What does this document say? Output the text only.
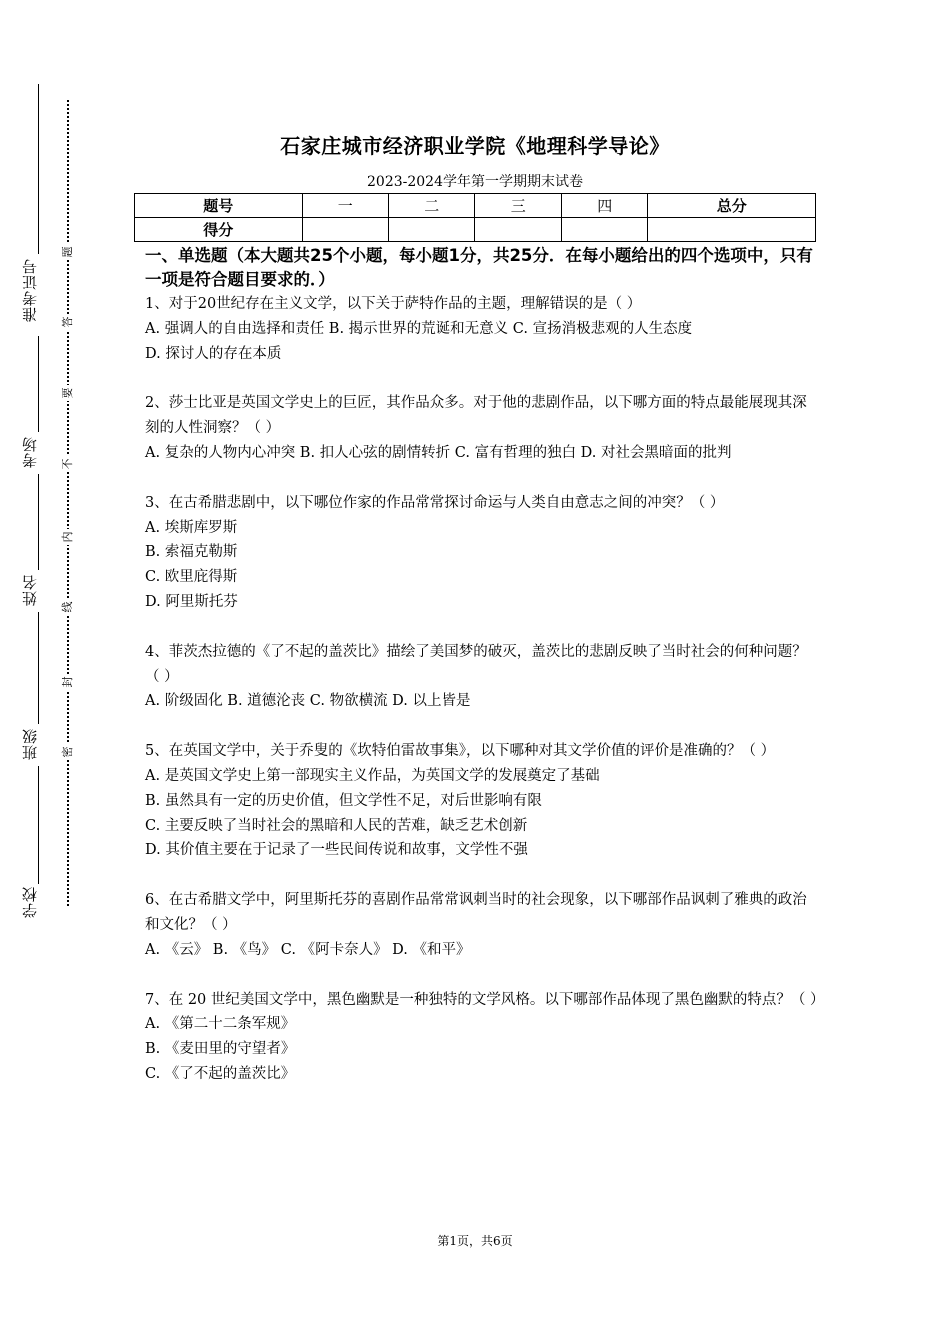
准考证号
考场
姓名
班级
学校
题
答
要
不
内
线
封
密
石家庄城市经济职业学院《地理科学导论》
2023-2024学年第一学期期末试卷
题号	一	二	三	四	总分
得分					
一、单选题（本大题共25个小题，每小题1分，共25分．在每小题给出的四个选项中，只有一项是符合题目要求的．）

1、对于20世纪存在主义文学，以下关于萨特作品的主题，理解错误的是（ ）

A. 强调人的自由选择和责任 B. 揭示世界的荒诞和无意义 C. 宣扬消极悲观的人生态度

D. 探讨人的存在本质

2、莎士比亚是英国文学史上的巨匠，其作品众多。对于他的悲剧作品，以下哪方面的特点最能展现其深刻的人性洞察？（ ）

A. 复杂的人物内心冲突 B. 扣人心弦的剧情转折 C. 富有哲理的独白 D. 对社会黑暗面的批判

3、在古希腊悲剧中，以下哪位作家的作品常常探讨命运与人类自由意志之间的冲突？（ ）

A. 埃斯库罗斯

B. 索福克勒斯

C. 欧里庇得斯

D. 阿里斯托芬

4、菲茨杰拉德的《了不起的盖茨比》描绘了美国梦的破灭，盖茨比的悲剧反映了当时社会的何种问题？（ ）

A. 阶级固化 B. 道德沦丧 C. 物欲横流 D. 以上皆是

5、在英国文学中，关于乔叟的《坎特伯雷故事集》，以下哪种对其文学价值的评价是准确的？（ ）

A. 是英国文学史上第一部现实主义作品，为英国文学的发展奠定了基础

B. 虽然具有一定的历史价值，但文学性不足，对后世影响有限

C. 主要反映了当时社会的黑暗和人民的苦难，缺乏艺术创新

D. 其价值主要在于记录了一些民间传说和故事，文学性不强

6、在古希腊文学中，阿里斯托芬的喜剧作品常常讽刺当时的社会现象，以下哪部作品讽刺了雅典的政治和文化？（ ）

A. 《云》 B. 《鸟》 C. 《阿卡奈人》 D. 《和平》

7、在 20 世纪美国文学中，黑色幽默是一种独特的文学风格。以下哪部作品体现了黑色幽默的特点？（ ）

A. 《第二十二条军规》

B. 《麦田里的守望者》

C. 《了不起的盖茨比》

第1页，共6页
